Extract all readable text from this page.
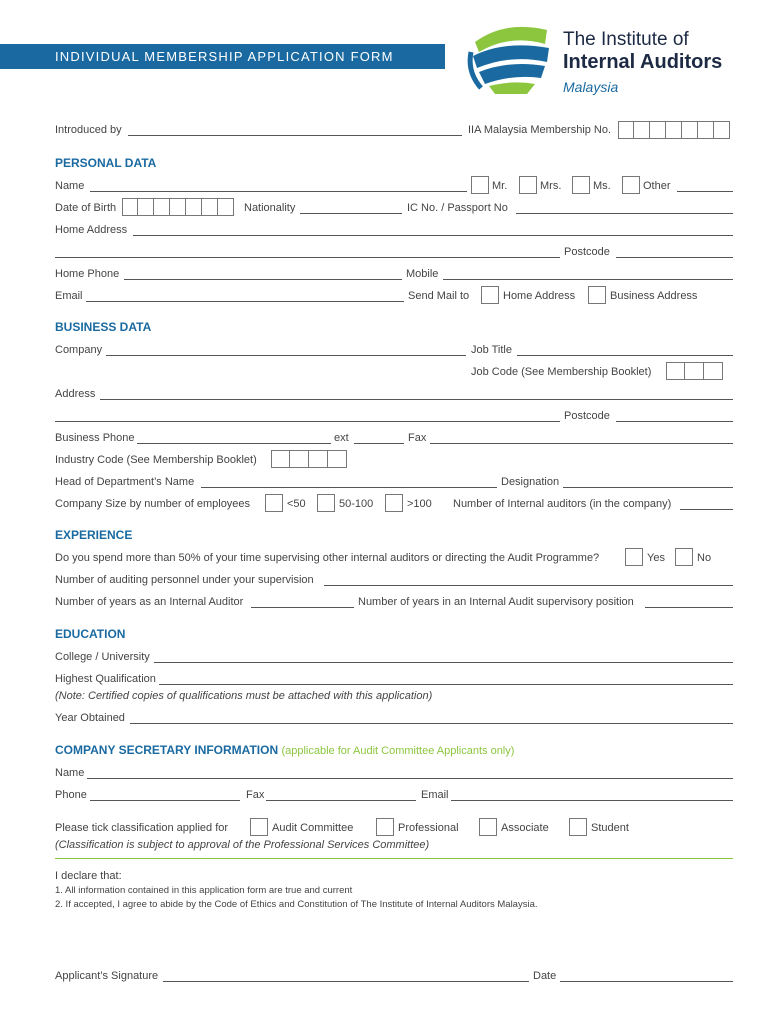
INDIVIDUAL MEMBERSHIP APPLICATION FORM
The Institute of
Internal Auditors
Malaysia
Introduced by	IIA Malaysia Membership No.
PERSONAL DATA
Name	Mr.	Mrs.	Ms.	Other
Date of Birth	Nationality	IC No. / Passport No
Home Address
Postcode
Home Phone	Mobile
Email	Send Mail to	Home Address	Business Address
BUSINESS DATA
Company	Job Title
Job Code (See Membership Booklet)
Address
Postcode
Business Phone	ext	Fax
Industry Code (See Membership Booklet)
Head of Department’s Name	Designation
Company Size by number of employees	<50	50-100	>100 Number of Internal auditors (in the company)
EXPERIENCE
Do you spend more than 50% of your time supervising other internal auditors or directing the Audit Programme?	Yes	No
Number of auditing personnel under your supervision
Number of years as an Internal Auditor	Number of years in an Internal Audit supervisory position
EDUCATION
College / University
Highest Qualification
(Note: Certified copies of qualifications must be attached with this application)
Year Obtained
COMPANY SECRETARY INFORMATION (applicable for Audit Committee Applicants only)
Name
Phone	Fax	Email
Please tick classification applied for	Audit Committee	Professional	Associate	Student
(Classification is subject to approval of the Professional Services Committee)
I declare that:
1. All information contained in this application form are true and current
2. If accepted, I agree to abide by the Code of Ethics and Constitution of The Institute of Internal Auditors Malaysia.
Applicant’s Signature	Date
